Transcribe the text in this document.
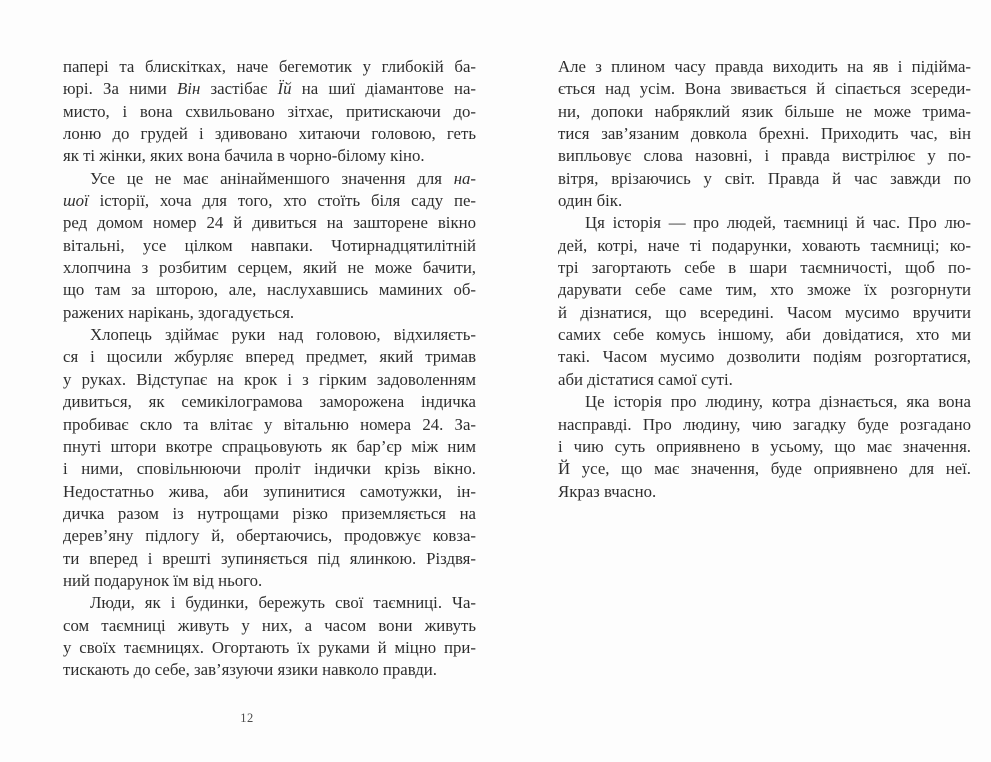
папері та блискітках, наче бегемотик у глибокій ба-
юрі. За ними Він застібає Їй на шиї діамантове на-
мисто, і вона схвильовано зітхає, притискаючи до-
лоню до грудей і здивовано хитаючи головою, геть
як ті жінки, яких вона бачила в чорно-білому кіно.
Усе це не має анінайменшого значення для на-
шої історії, хоча для того, хто стоїть біля саду пе-
ред домом номер 24 й дивиться на зашторене вікно
вітальні, усе цілком навпаки. Чотирнадцятилітній
хлопчина з розбитим серцем, який не може бачити,
що там за шторою, але, наслухавшись маминих об-
ражених нарікань, здогадується.
Хлопець здіймає руки над головою, відхиляєть-
ся і щосили жбурляє вперед предмет, який тримав
у руках. Відступає на крок і з гірким задоволенням
дивиться, як семикілограмова заморожена індичка
пробиває скло та влітає у вітальню номера 24. За-
пнуті штори вкотре спрацьовують як бар’єр між ним
і ними, сповільнюючи проліт індички крізь вікно.
Недостатньо жива, аби зупинитися самотужки, ін-
дичка разом із нутрощами різко приземляється на
дерев’яну підлогу й, обертаючись, продовжує ковза-
ти вперед і врешті зупиняється під ялинкою. Різдвя-
ний подарунок їм від нього.
Люди, як і будинки, бережуть свої таємниці. Ча-
сом таємниці живуть у них, а часом вони живуть
у своїх таємницях. Огортають їх руками й міцно при-
тискають до себе, зав’язуючи язики навколо правди.
12
Але з плином часу правда виходить на яв і підійма-
ється над усім. Вона звивається й сіпається зсереди-
ни, допоки набряклий язик більше не може трима-
тися зав’язаним довкола брехні. Приходить час, він
випльовує слова назовні, і правда вистрілює у по-
вітря, врізаючись у світ. Правда й час завжди по
один бік.
Ця історія — про людей, таємниці й час. Про лю-
дей, котрі, наче ті подарунки, ховають таємниці; ко-
трі загортають себе в шари таємничості, щоб по-
дарувати себе саме тим, хто зможе їх розгорнути
й дізнатися, що всередині. Часом мусимо вручити
самих себе комусь іншому, аби довідатися, хто ми
такі. Часом мусимо дозволити подіям розгортатися,
аби дістатися самої суті.
Це історія про людину, котра дізнається, яка вона
насправді. Про людину, чию загадку буде розгадано
і чию суть оприявнено в усьому, що має значення.
Й усе, що має значення, буде оприявнено для неї.
Якраз вчасно.
